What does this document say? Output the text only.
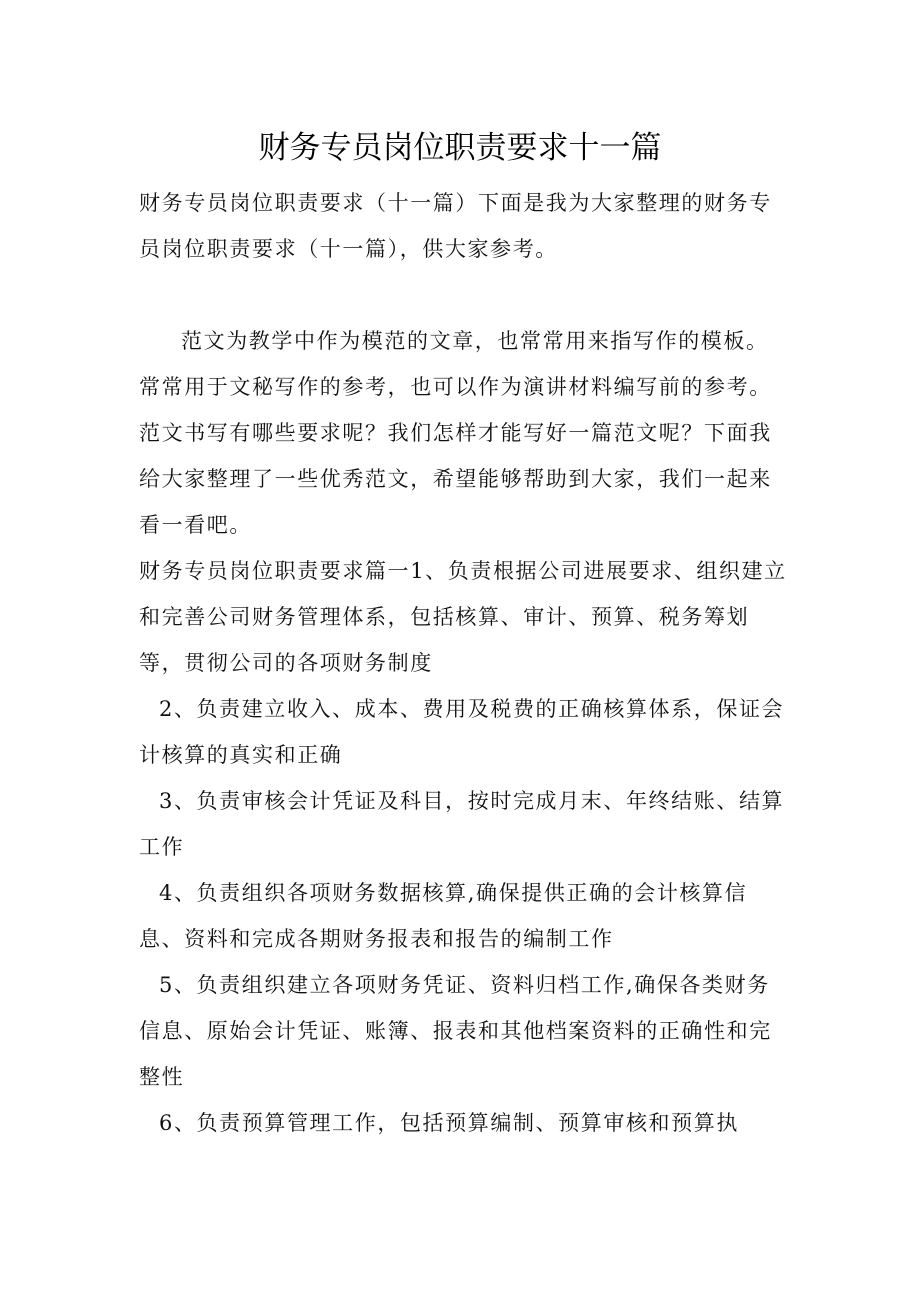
财务专员岗位职责要求十一篇

财务专员岗位职责要求（十一篇）下面是我为大家整理的财务专员岗位职责要求（十一篇），供大家参考。

范文为教学中作为模范的文章，也常常用来指写作的模板。常常用于文秘写作的参考，也可以作为演讲材料编写前的参考。范文书写有哪些要求呢？我们怎样才能写好一篇范文呢？下面我给大家整理了一些优秀范文，希望能够帮助到大家，我们一起来看一看吧。

财务专员岗位职责要求篇一1、负责根据公司进展要求、组织建立和完善公司财务管理体系，包括核算、审计、预算、税务筹划等，贯彻公司的各项财务制度

2、负责建立收入、成本、费用及税费的正确核算体系，保证会计核算的真实和正确

3、负责审核会计凭证及科目，按时完成月末、年终结账、结算工作

4、负责组织各项财务数据核算,确保提供正确的会计核算信息、资料和完成各期财务报表和报告的编制工作

5、负责组织建立各项财务凭证、资料归档工作,确保各类财务信息、原始会计凭证、账簿、报表和其他档案资料的正确性和完整性

6、负责预算管理工作，包括预算编制、预算审核和预算执
